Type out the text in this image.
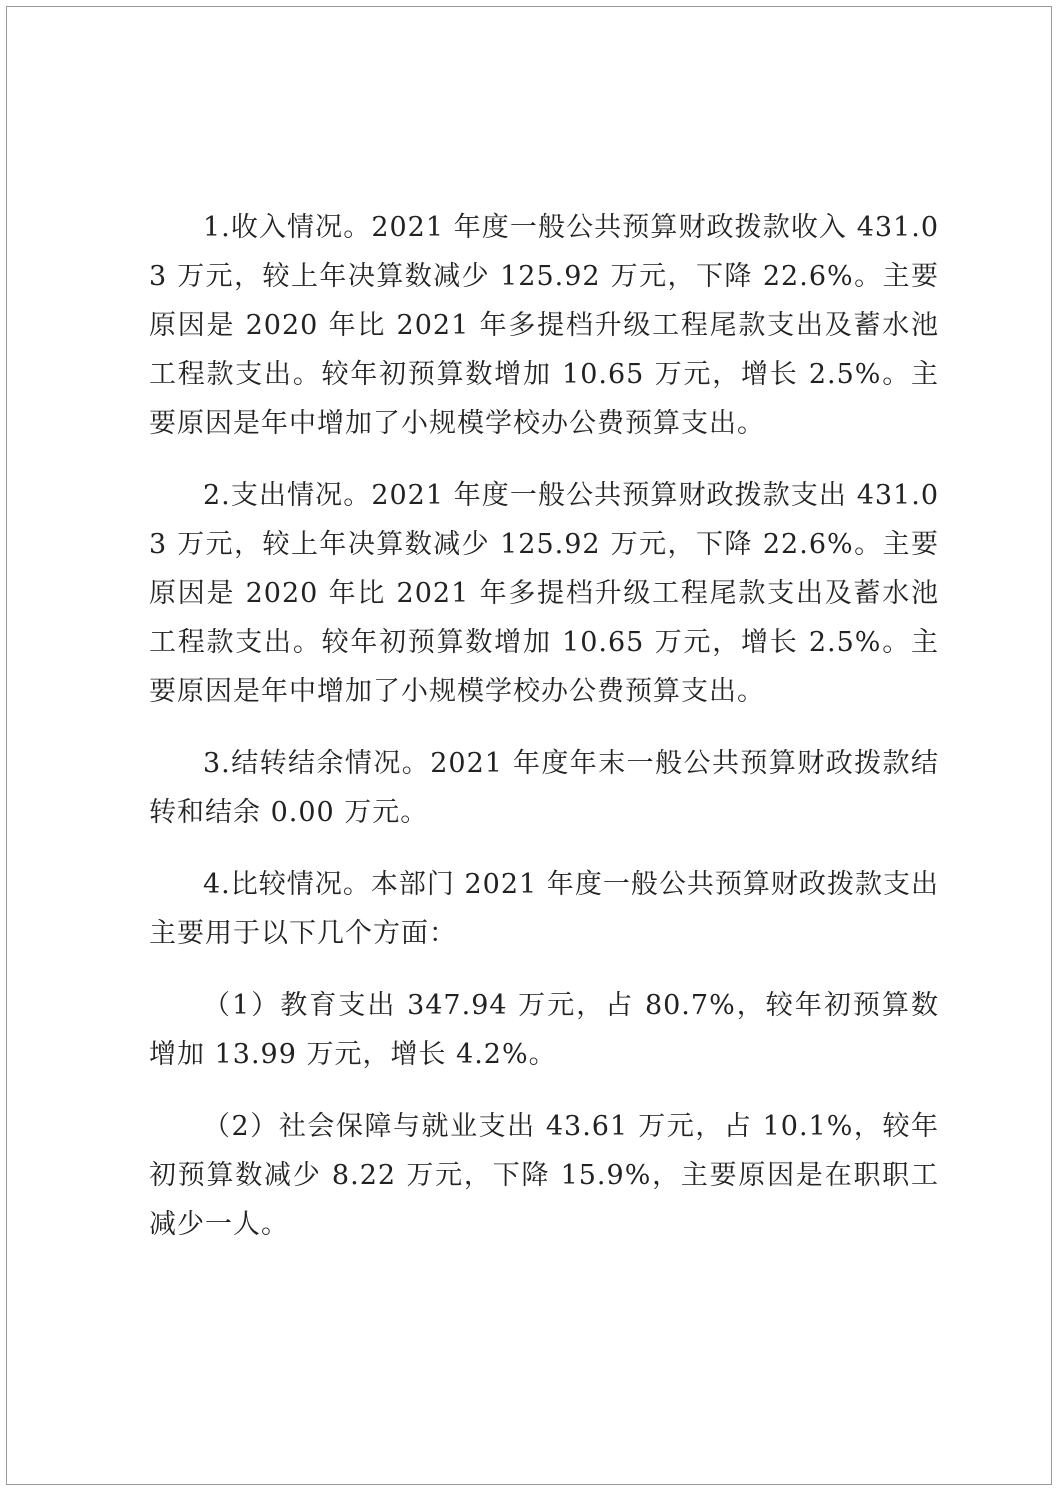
1.收入情况。2021 年度一般公共预算财政拨款收入 431.03 万元，较上年决算数减少 125.92 万元，下降 22.6%。主要原因是 2020 年比 2021 年多提档升级工程尾款支出及蓄水池工程款支出。较年初预算数增加 10.65 万元，增长 2.5%。主要原因是年中增加了小规模学校办公费预算支出。

2.支出情况。2021 年度一般公共预算财政拨款支出 431.03 万元，较上年决算数减少 125.92 万元，下降 22.6%。主要原因是 2020 年比 2021 年多提档升级工程尾款支出及蓄水池工程款支出。较年初预算数增加 10.65 万元，增长 2.5%。主要原因是年中增加了小规模学校办公费预算支出。

3.结转结余情况。2021 年度年末一般公共预算财政拨款结转和结余 0.00 万元。

4.比较情况。本部门 2021 年度一般公共预算财政拨款支出主要用于以下几个方面：

（1）教育支出 347.94 万元，占 80.7%，较年初预算数增加 13.99 万元，增长 4.2%。

（2）社会保障与就业支出 43.61 万元，占 10.1%，较年初预算数减少 8.22 万元，下降 15.9%，主要原因是在职职工减少一人。
